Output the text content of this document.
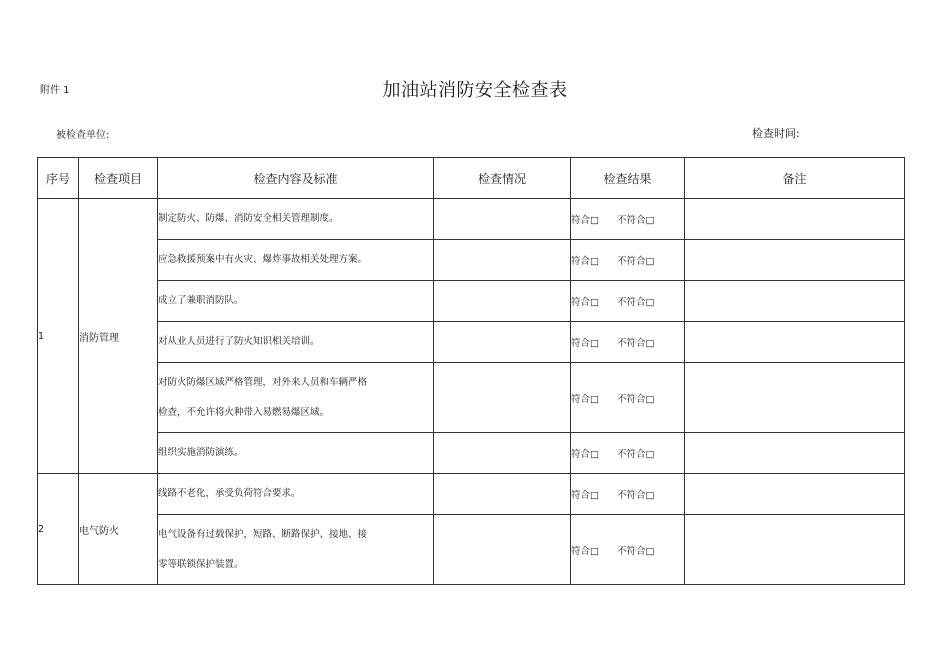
附件 1	加油站消防安全检查表
被检查单位:	检查时间:
序号	检查项目	检查内容及标准	检查情况	检查结果	备注
1	消防管理	制定防火、防爆、消防安全相关管理制度。		符合□ 不符合□	
		应急救援预案中有火灾、爆炸事故相关处理方案。		符合□ 不符合□	
		成立了兼职消防队。		符合□ 不符合□	
		对从业人员进行了防火知识相关培训。		符合□ 不符合□	

		对防火防爆区域严格管理，对外来人员和车辆严格
检查，不允许将火种带入易燃易爆区域。		符合□ 不符合□	
		组织实施消防演练。		符合□ 不符合□	
2	电气防火	线路不老化，承受负荷符合要求。		符合□ 不符合□	

		电气设备有过载保护，短路、断路保护、接地、接
零等联锁保护装置。		符合□ 不符合□	
